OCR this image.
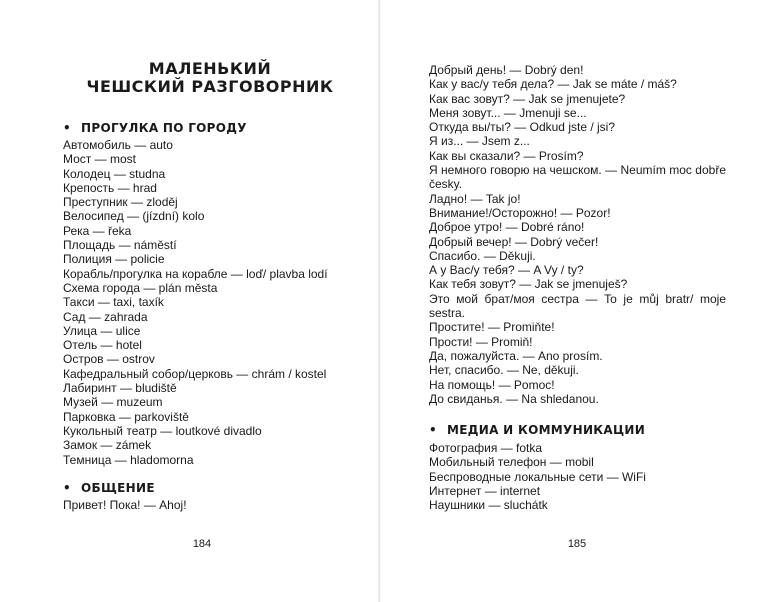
МАЛЕНЬКИЙ
ЧЕШСКИЙ РАЗГОВОРНИК
• ПРОГУЛКА ПО ГОРОДУ
Автомобиль — auto
Мост — most
Колодец — studna
Крепость — hrad
Преступник — zloděj
Велосипед — (jízdní) kolo
Река — řeka
Площадь — náměstí
Полиция — policie
Корабль/прогулка на корабле — loď/ plavba lodí
Схема города — plán města
Такси — taxi, taxík
Сад — zahrada
Улица — ulice
Отель — hotel
Остров — ostrov
Кафедральный собор/церковь — chrám / kostel
Лабиринт — bludiště
Музей — muzeum
Парковка — parkoviště
Кукольный театр — loutkové divadlo
Замок — zámek
Темница — hladomorna
• ОБЩЕНИЕ
Привет! Пока! — Ahoj!
184
Добрый день! — Dobrý den!
Как у вас/у тебя дела? — Jak se máte / máš?
Как вас зовут? — Jak se jmenujete?
Меня зовут... — Jmenuji se...
Откуда вы/ты? — Odkud jste / jsi?
Я из... — Jsem z...
Как вы сказали? — Prosím?
Я немного говорю на чешском. — Neumím moc dobře česky.
Ладно! — Tak jo!
Внимание!/Осторожно! — Pozor!
Доброе утро! — Dobré ráno!
Добрый вечер! — Dobrý večer!
Спасибо. — Děkuji.
А у Вас/у тебя? — A Vy / ty?
Как тебя зовут? — Jak se jmenuješ?
Это мой брат/моя сестра — To je můj bratr/ moje sestra.
Простите! — Promiňte!
Прости! — Promiň!
Да, пожалуйста. — Ano prosím.
Нет, спасибо. — Ne, děkuji.
На помощь! — Pomoc!
До свиданья. — Na shledanou.
• МЕДИА И КОММУНИКАЦИИ
Фотография — fotka
Мобильный телефон — mobil
Беспроводные локальные сети — WiFi
Интернет — internet
Наушники — sluchátk
185
